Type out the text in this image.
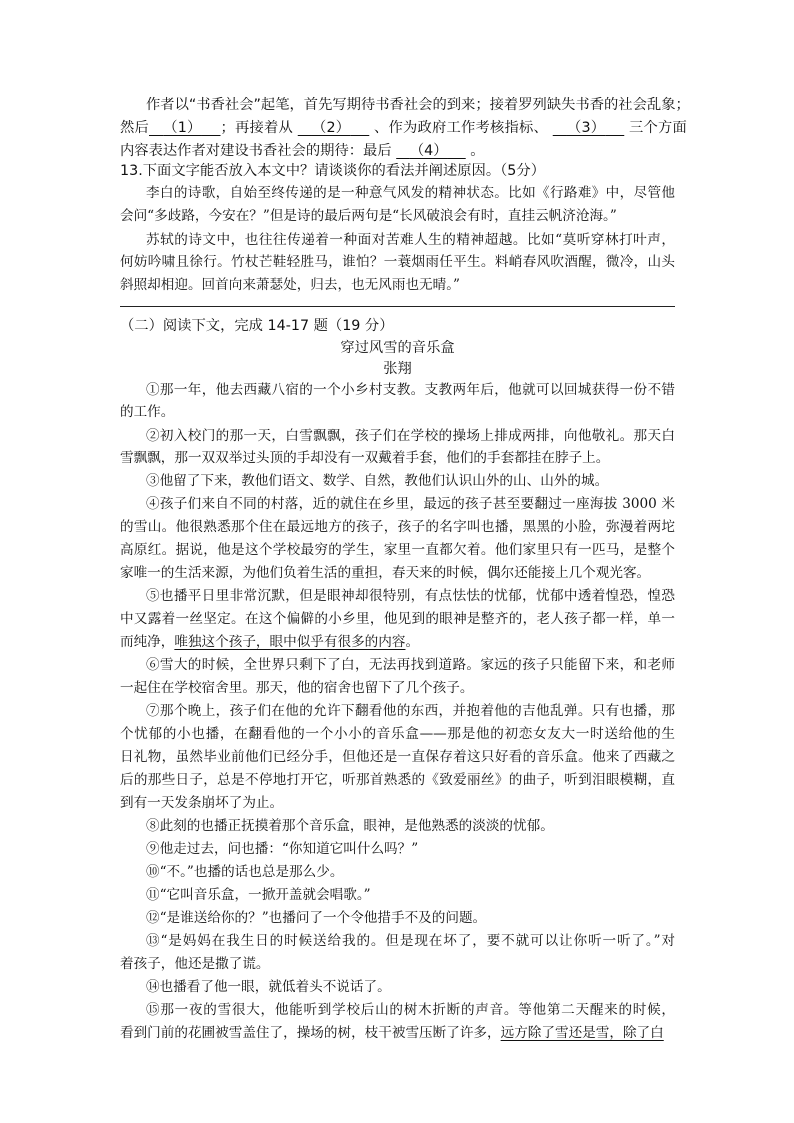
作者以“书香社会”起笔，首先写期待书香社会的到来；接着罗列缺失书香的社会乱象；
然后 （1） ；再接着从 （2） 、作为政府工作考核指标、 （3） 三个方面
内容表达作者对建设书香社会的期待：最后 （4） 。
13.下面文字能否放入本文中？请谈谈你的看法并阐述原因。（5分）
李白的诗歌，自始至终传递的是一种意气风发的精神状态。比如《行路难》中，尽管他
会问“多歧路，今安在？”但是诗的最后两句是“长风破浪会有时，直挂云帆济沧海。”
苏轼的诗文中，也往往传递着一种面对苦难人生的精神超越。比如“莫听穿林打叶声，
何妨吟啸且徐行。竹杖芒鞋轻胜马，谁怕？一蓑烟雨任平生。料峭春风吹酒醒，微冷，山头
斜照却相迎。回首向来萧瑟处，归去，也无风雨也无晴。”
（二）阅读下文，完成 14-17 题（19 分）
穿过风雪的音乐盒
张翔
①那一年，他去西藏八宿的一个小乡村支教。支教两年后，他就可以回城获得一份不错
的工作。
②初入校门的那一天，白雪飘飘，孩子们在学校的操场上排成两排，向他敬礼。那天白
雪飘飘，那一双双举过头顶的手却没有一双戴着手套，他们的手套都挂在脖子上。
③他留了下来，教他们语文、数学、自然，教他们认识山外的山、山外的城。
④孩子们来自不同的村落，近的就住在乡里，最远的孩子甚至要翻过一座海拔 3000 米
的雪山。他很熟悉那个住在最远地方的孩子，孩子的名字叫也播，黑黑的小脸，弥漫着两坨
高原红。据说，他是这个学校最穷的学生，家里一直都欠着。他们家里只有一匹马，是整个
家唯一的生活来源，为他们负着生活的重担，春天来的时候，偶尔还能接上几个观光客。
⑤也播平日里非常沉默，但是眼神却很特别，有点怯怯的忧郁，忧郁中透着惶恐，惶恐
中又露着一丝坚定。在这个偏僻的小乡里，他见到的眼神是整齐的，老人孩子都一样，单一
而纯净，唯独这个孩子，眼中似乎有很多的内容。
⑥雪大的时候，全世界只剩下了白，无法再找到道路。家远的孩子只能留下来，和老师
一起住在学校宿舍里。那天，他的宿舍也留下了几个孩子。
⑦那个晚上，孩子们在他的允许下翻看他的东西，并抱着他的吉他乱弹。只有也播，那
个忧郁的小也播，在翻看他的一个小小的音乐盒——那是他的初恋女友大一时送给他的生
日礼物，虽然毕业前他们已经分手，但他还是一直保存着这只好看的音乐盒。他来了西藏之
后的那些日子，总是不停地打开它，听那首熟悉的《致爱丽丝》的曲子，听到泪眼模糊，直
到有一天发条崩坏了为止。
⑧此刻的也播正抚摸着那个音乐盒，眼神，是他熟悉的淡淡的忧郁。
⑨他走过去，问也播：“你知道它叫什么吗？”
⑩“不。”也播的话也总是那么少。
⑪“它叫音乐盒，一掀开盖就会唱歌。”
⑫“是谁送给你的？”也播问了一个令他措手不及的问题。
⑬“是妈妈在我生日的时候送给我的。但是现在坏了，要不就可以让你听一听了。”对
着孩子，他还是撒了谎。
⑭也播看了他一眼，就低着头不说话了。
⑮那一夜的雪很大，他能听到学校后山的树木折断的声音。等他第二天醒来的时候，
看到门前的花圃被雪盖住了，操场的树，枝干被雪压断了许多，远方除了雪还是雪，除了白
